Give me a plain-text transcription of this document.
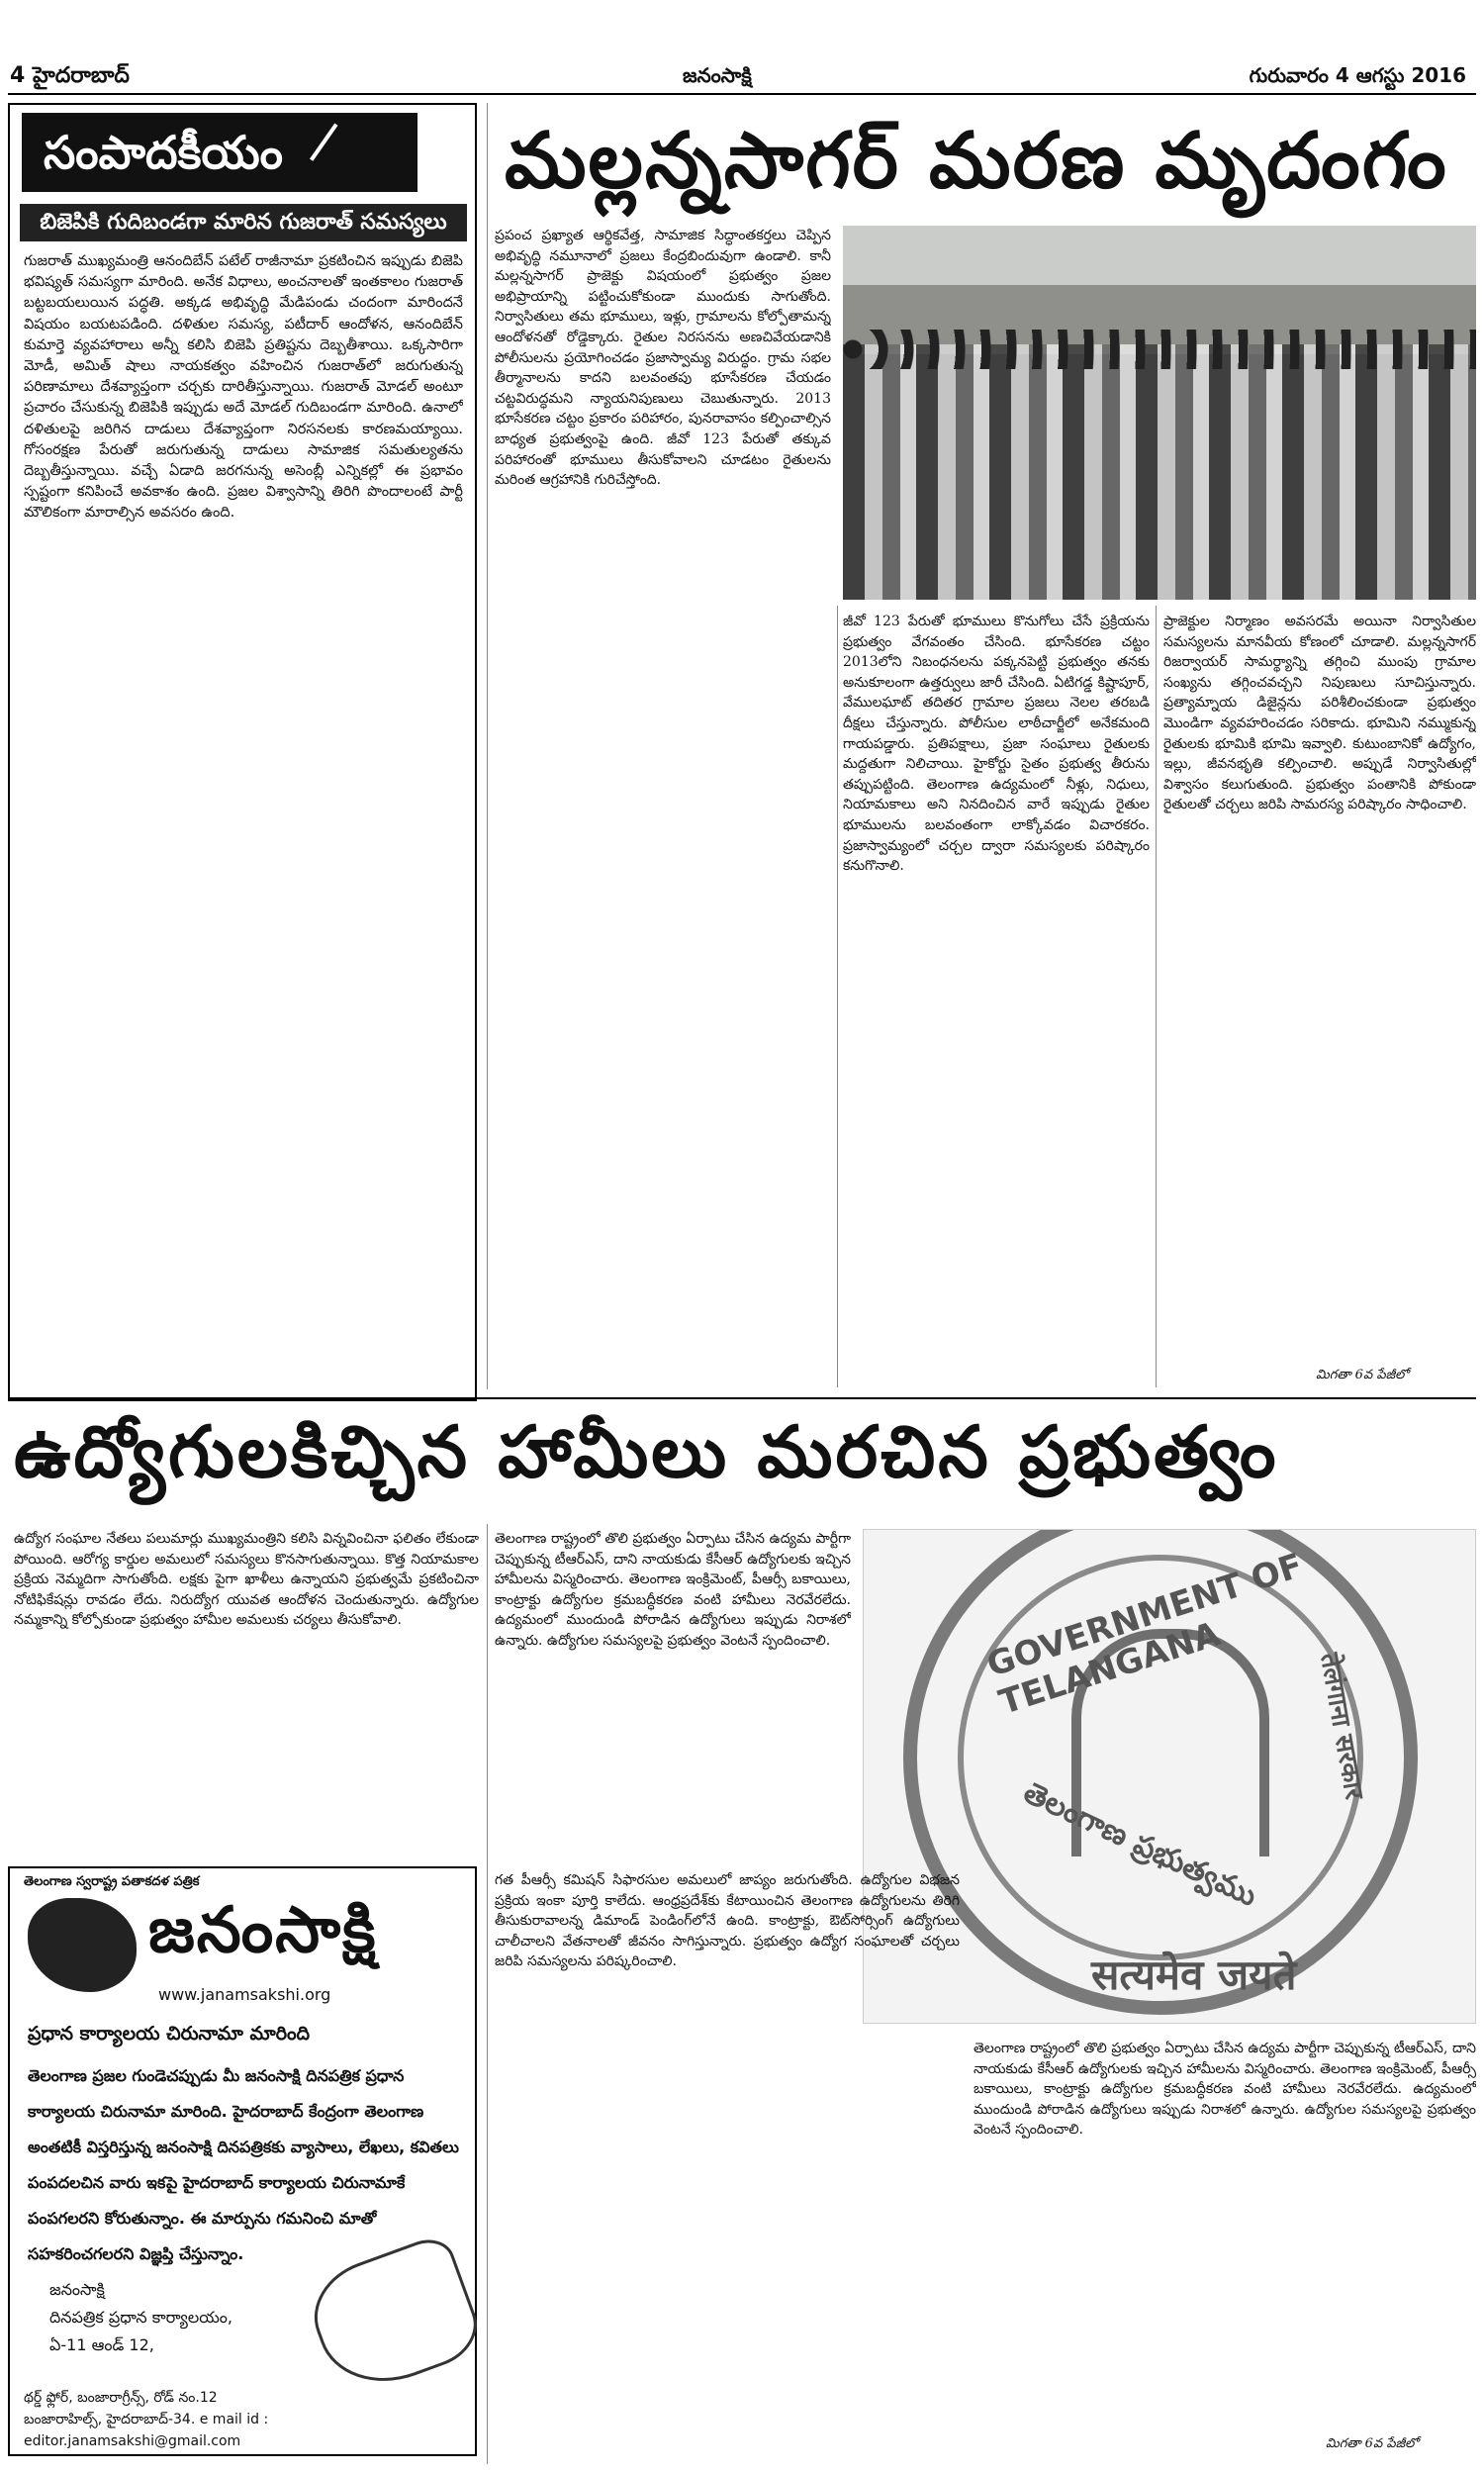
4 హైదరాబాద్	జనంసాక్షి	గురువారం 4 ఆగస్టు 2016
సంపాదకీయం
బిజెపికి గుదిబండగా మారిన గుజరాత్ సమస్యలు
గుజరాత్ ముఖ్యమంత్రి ఆనందిబేన్ పటేల్ రాజీనామా ప్రకటించిన ఇప్పుడు బిజెపి భవిష్యత్ సమస్యగా మారింది. అనేక విధాలు, అంచనాలతో ఇంతకాలం గుజరాత్ బట్టబయలుయిన పద్ధతి. అక్కడ అభివృద్ధి మేడిపండు చందంగా మారిందనే విషయం బయటపడింది. దళితుల సమస్య, పటీదార్ ఆందోళన, ఆనందిబేన్ కుమార్తె వ్యవహారాలు అన్నీ కలిసి బిజెపి ప్రతిష్టను దెబ్బతీశాయి. ఒక్కసారిగా మోడీ, అమిత్ షాలు నాయకత్వం వహించిన గుజరాత్‌లో జరుగుతున్న పరిణామాలు దేశవ్యాప్తంగా చర్చకు దారితీస్తున్నాయి. గుజరాత్ మోడల్ అంటూ ప్రచారం చేసుకున్న బిజెపికి ఇప్పుడు అదే మోడల్ గుదిబండగా మారింది. ఉనాలో దళితులపై జరిగిన దాడులు దేశవ్యాప్తంగా నిరసనలకు కారణమయ్యాయి. గోసంరక్షణ పేరుతో జరుగుతున్న దాడులు సామాజిక సమతుల్యతను దెబ్బతీస్తున్నాయి. వచ్చే ఏడాది జరగనున్న అసెంబ్లీ ఎన్నికల్లో ఈ ప్రభావం స్పష్టంగా కనిపించే అవకాశం ఉంది. ప్రజల విశ్వాసాన్ని తిరిగి పొందాలంటే పార్టీ మౌలికంగా మారాల్సిన అవసరం ఉంది.
మల్లన్నసాగర్ మరణ మృదంగం
ప్రపంచ ప్రఖ్యాత ఆర్థికవేత్త, సామాజిక సిద్ధాంతకర్తలు చెప్పిన అభివృద్ధి నమూనాలో ప్రజలు కేంద్రబిందువుగా ఉండాలి. కానీ మల్లన్నసాగర్ ప్రాజెక్టు విషయంలో ప్రభుత్వం ప్రజల అభిప్రాయాన్ని పట్టించుకోకుండా ముందుకు సాగుతోంది. నిర్వాసితులు తమ భూములు, ఇళ్లు, గ్రామాలను కోల్పోతామన్న ఆందోళనతో రోడ్డెక్కారు. రైతుల నిరసనను అణచివేయడానికి పోలీసులను ప్రయోగించడం ప్రజాస్వామ్య విరుద్ధం. గ్రామ సభల తీర్మానాలను కాదని బలవంతపు భూసేకరణ చేయడం చట్టవిరుద్ధమని న్యాయనిపుణులు చెబుతున్నారు. 2013 భూసేకరణ చట్టం ప్రకారం పరిహారం, పునరావాసం కల్పించాల్సిన బాధ్యత ప్రభుత్వంపై ఉంది. జీవో 123 పేరుతో తక్కువ పరిహారంతో భూములు తీసుకోవాలని చూడటం రైతులను మరింత ఆగ్రహానికి గురిచేస్తోంది.
జీవో 123 పేరుతో భూములు కొనుగోలు చేసే ప్రక్రియను ప్రభుత్వం వేగవంతం చేసింది. భూసేకరణ చట్టం 2013లోని నిబంధనలను పక్కనపెట్టి ప్రభుత్వం తనకు అనుకూలంగా ఉత్తర్వులు జారీ చేసింది. ఏటిగడ్డ కిష్టాపూర్, వేములఘాట్ తదితర గ్రామాల ప్రజలు నెలల తరబడి దీక్షలు చేస్తున్నారు. పోలీసుల లాఠీచార్జీలో అనేకమంది గాయపడ్డారు. ప్రతిపక్షాలు, ప్రజా సంఘాలు రైతులకు మద్దతుగా నిలిచాయి. హైకోర్టు సైతం ప్రభుత్వ తీరును తప్పుపట్టింది. తెలంగాణ ఉద్యమంలో నీళ్లు, నిధులు, నియామకాలు అని నినదించిన వారే ఇప్పుడు రైతుల భూములను బలవంతంగా లాక్కోవడం విచారకరం. ప్రజాస్వామ్యంలో చర్చల ద్వారా సమస్యలకు పరిష్కారం కనుగొనాలి.
ప్రాజెక్టుల నిర్మాణం అవసరమే అయినా నిర్వాసితుల సమస్యలను మానవీయ కోణంలో చూడాలి. మల్లన్నసాగర్ రిజర్వాయర్ సామర్థ్యాన్ని తగ్గించి ముంపు గ్రామాల సంఖ్యను తగ్గించవచ్చని నిపుణులు సూచిస్తున్నారు. ప్రత్యామ్నాయ డిజైన్లను పరిశీలించకుండా ప్రభుత్వం మొండిగా వ్యవహరించడం సరికాదు. భూమిని నమ్ముకున్న రైతులకు భూమికి భూమి ఇవ్వాలి. కుటుంబానికో ఉద్యోగం, ఇల్లు, జీవనభృతి కల్పించాలి. అప్పుడే నిర్వాసితుల్లో విశ్వాసం కలుగుతుంది. ప్రభుత్వం పంతానికి పోకుండా రైతులతో చర్చలు జరిపి సామరస్య పరిష్కారం సాధించాలి.
మిగతా 6వ పేజీలో
ఉద్యోగులకిచ్చిన హామీలు మరచిన ప్రభుత్వం
తెలంగాణ రాష్ట్రంలో తొలి ప్రభుత్వం ఏర్పాటు చేసిన ఉద్యమ పార్టీగా చెప్పుకున్న టీఆర్ఎస్, దాని నాయకుడు కేసీఆర్ ఉద్యోగులకు ఇచ్చిన హామీలను విస్మరించారు. తెలంగాణ ఇంక్రిమెంట్, పీఆర్సీ బకాయిలు, కాంట్రాక్టు ఉద్యోగుల క్రమబద్ధీకరణ వంటి హామీలు నెరవేరలేదు. ఉద్యమంలో ముందుండి పోరాడిన ఉద్యోగులు ఇప్పుడు నిరాశలో ఉన్నారు. ఉద్యోగుల సమస్యలపై ప్రభుత్వం వెంటనే స్పందించాలి.
ఉద్యోగ సంఘాల నేతలు పలుమార్లు ముఖ్యమంత్రిని కలిసి విన్నవించినా ఫలితం లేకుండా పోయింది. ఆరోగ్య కార్డుల అమలులో సమస్యలు కొనసాగుతున్నాయి. కొత్త నియామకాల ప్రక్రియ నెమ్మదిగా సాగుతోంది. లక్షకు పైగా ఖాళీలు ఉన్నాయని ప్రభుత్వమే ప్రకటించినా నోటిఫికేషన్లు రావడం లేదు. నిరుద్యోగ యువత ఆందోళన చెందుతున్నారు. ఉద్యోగుల నమ్మకాన్ని కోల్పోకుండా ప్రభుత్వం హామీల అమలుకు చర్యలు తీసుకోవాలి.	GOVERNMENT OF TELANGANA
తెలంగాణ ప్రభుత్వము
तेलंगाना सरकार
सत्यमेव जयते
గత పీఆర్సీ కమిషన్ సిఫారసుల అమలులో జాప్యం జరుగుతోంది. ఉద్యోగుల విభజన ప్రక్రియ ఇంకా పూర్తి కాలేదు. ఆంధ్రప్రదేశ్‌కు కేటాయించిన తెలంగాణ ఉద్యోగులను తిరిగి తీసుకురావాలన్న డిమాండ్ పెండింగ్‌లోనే ఉంది. కాంట్రాక్టు, ఔట్‌సోర్సింగ్ ఉద్యోగులు చాలీచాలని వేతనాలతో జీవనం సాగిస్తున్నారు. ప్రభుత్వం ఉద్యోగ సంఘాలతో చర్చలు జరిపి సమస్యలను పరిష్కరించాలి.
తెలంగాణ రాష్ట్రంలో తొలి ప్రభుత్వం ఏర్పాటు చేసిన ఉద్యమ పార్టీగా చెప్పుకున్న టీఆర్ఎస్, దాని నాయకుడు కేసీఆర్ ఉద్యోగులకు ఇచ్చిన హామీలను విస్మరించారు. తెలంగాణ ఇంక్రిమెంట్, పీఆర్సీ బకాయిలు, కాంట్రాక్టు ఉద్యోగుల క్రమబద్ధీకరణ వంటి హామీలు నెరవేరలేదు. ఉద్యమంలో ముందుండి పోరాడిన ఉద్యోగులు ఇప్పుడు నిరాశలో ఉన్నారు. ఉద్యోగుల సమస్యలపై ప్రభుత్వం వెంటనే స్పందించాలి.
మిగతా 6వ పేజీలో
తెలంగాణ స్వరాష్ట్ర పతాకదళ పత్రిక
జనంసాక్షి
www.janamsakshi.org
ప్రధాన కార్యాలయ చిరునామా మారింది
తెలంగాణ ప్రజల గుండెచప్పుడు మీ జనంసాక్షి దినపత్రిక ప్రధాన కార్యాలయ చిరునామా మారింది. హైదరాబాద్ కేంద్రంగా తెలంగాణ అంతటికీ విస్తరిస్తున్న జనంసాక్షి దినపత్రికకు వ్యాసాలు, లేఖలు, కవితలు పంపదలచిన వారు ఇకపై హైదరాబాద్ కార్యాలయ చిరునామాకే పంపగలరని కోరుతున్నాం. ఈ మార్పును గమనించి మాతో సహకరించగలరని విజ్ఞప్తి చేస్తున్నాం.
జనంసాక్షి
దినపత్రిక ప్రధాన కార్యాలయం,
ఏ-11 ఆండ్ 12,
థర్డ్ ఫ్లోర్, బంజారాగ్రీన్స్, రోడ్ నం.12
బంజారాహిల్స్, హైదరాబాద్-34. e mail id : editor.janamsakshi@gmail.com
